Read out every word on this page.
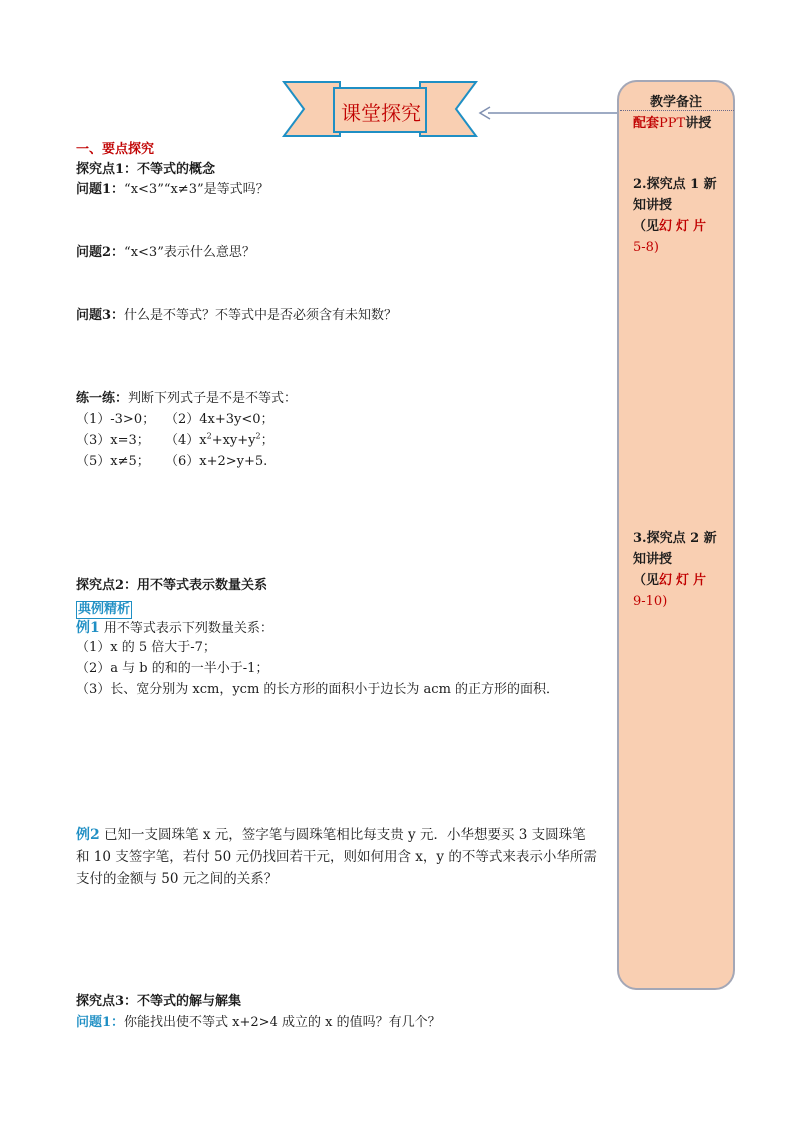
课堂探究	教学备注
配套PPT讲授
2.探究点 1 新
知讲授
（见幻灯片
5-8)
3.探究点 2 新
知讲授
（见幻灯片
9-10)
一、要点探究
探究点1：不等式的概念
问题1：“x<3”“x≠3”是等式吗？
问题2：“x<3”表示什么意思？
问题3：什么是不等式？不等式中是否必须含有未知数？
练一练：判断下列式子是不是不等式：
（1）-3>0； （2）4x+3y<0；
（3）x=3； $(4)x^2+xy+y^2$；
（5）x≠5； （6）x+2>y+5.
探究点2：用不等式表示数量关系
典例精析
例1 用不等式表示下列数量关系：
（1）x 的 5 倍大于-7；
（2）a 与 b 的和的一半小于-1；
（3）长、宽分别为 xcm，ycm 的长方形的面积小于边长为 acm 的正方形的面积．
例2 已知一支圆珠笔 x 元，签字笔与圆珠笔相比每支贵 y 元．小华想要买 3 支圆珠笔
和 10 支签字笔，若付 50 元仍找回若干元，则如何用含 x，y 的不等式来表示小华所需
支付的金额与 50 元之间的关系？
探究点3：不等式的解与解集
问题1：你能找出使不等式 x+2>4 成立的 x 的值吗？有几个？
